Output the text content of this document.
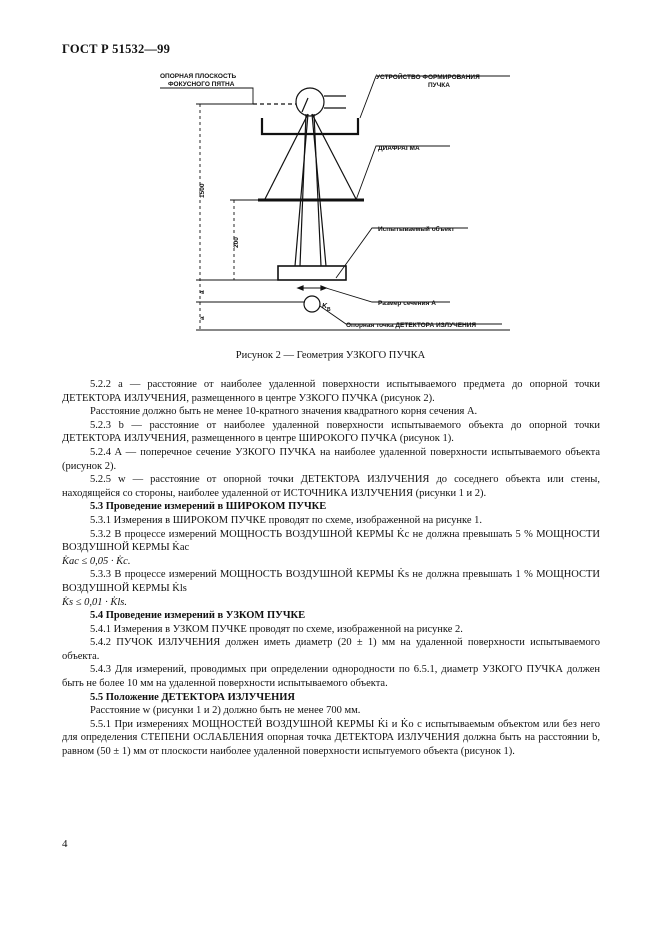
ГОСТ Р 51532—99
ОПОРНАЯ ПЛОСКОСТЬ
ФОКУСНОГО ПЯТНА
УСТРОЙСТВО ФОРМИРОВАНИЯ
ПУЧКА
ДИАФРАГМА
Испытываемый объект
Размер сечения А
Опорная точка ДЕТЕКТОРА ИЗЛУЧЕНИЯ
K B
1500
200
a
a
Рисунок 2 — Геометрия УЗКОГО ПУЧКА

5.2.2 a — расстояние от наиболее удаленной поверхности испытываемого предмета до опорной точки ДЕТЕКТОРА ИЗЛУЧЕНИЯ, размещенного в центре УЗКОГО ПУЧКА (рисунок 2).

Расстояние должно быть не менее 10-кратного значения квадратного корня сечения A.

5.2.3 b — расстояние от наиболее удаленной поверхности испытываемого объекта до опорной точки ДЕТЕКТОРА ИЗЛУЧЕНИЯ, размещенного в центре ШИРОКОГО ПУЧКА (рисунок 1).

5.2.4 A — поперечное сечение УЗКОГО ПУЧКА на наиболее удаленной поверхности испытываемого объекта (рисунок 2).

5.2.5 w — расстояние от опорной точки ДЕТЕКТОРА ИЗЛУЧЕНИЯ до соседнего объекта или стены, находящейся со стороны, наиболее удаленной от ИСТОЧНИКА ИЗЛУЧЕНИЯ (рисунки 1 и 2).

5.3 Проведение измерений в ШИРОКОМ ПУЧКЕ

5.3.1 Измерения в ШИРОКОМ ПУЧКЕ проводят по схеме, изображенной на рисунке 1.

5.3.2 В процессе измерений МОЩНОСТЬ ВОЗДУШНОЙ КЕРМЫ K̇c не должна превышать 5 % МОЩНОСТИ ВОЗДУШНОЙ КЕРМЫ K̇ac

K̇ac ≤ 0,05 · K̇c.

5.3.3 В процессе измерений МОЩНОСТЬ ВОЗДУШНОЙ КЕРМЫ K̇s не должна превышать 1 % МОЩНОСТИ ВОЗДУШНОЙ КЕРМЫ K̇ls

K̇s ≤ 0,01 · K̇ls.

5.4 Проведение измерений в УЗКОМ ПУЧКЕ

5.4.1 Измерения в УЗКОМ ПУЧКЕ проводят по схеме, изображенной на рисунке 2.

5.4.2 ПУЧОК ИЗЛУЧЕНИЯ должен иметь диаметр (20 ± 1) мм на удаленной поверхности испытываемого объекта.

5.4.3 Для измерений, проводимых при определении однородности по 6.5.1, диаметр УЗКОГО ПУЧКА должен быть не более 10 мм на удаленной поверхности испытываемого объекта.

5.5 Положение ДЕТЕКТОРА ИЗЛУЧЕНИЯ

Расстояние w (рисунки 1 и 2) должно быть не менее 700 мм.

5.5.1 При измерениях МОЩНОСТЕЙ ВОЗДУШНОЙ КЕРМЫ K̇i и K̇o с испытываемым объектом или без него для определения СТЕПЕНИ ОСЛАБЛЕНИЯ опорная точка ДЕТЕКТОРА ИЗЛУЧЕНИЯ должна быть на расстоянии b, равном (50 ± 1) мм от плоскости наиболее удаленной поверхности испытуемого объекта (рисунок 1).

4
